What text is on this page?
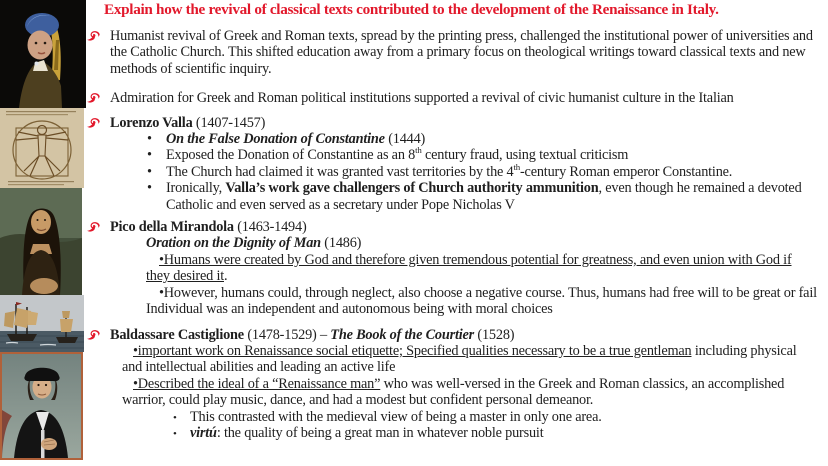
Explain how the revival of classical texts contributed to the development of the Renaissance in Italy.
Humanist revival of Greek and Roman texts, spread by the printing press, challenged the institutional power of universities and the Catholic Church. This shifted education away from a primary focus on theological writings toward classical texts and new methods of scientific inquiry.
Admiration for Greek and Roman political institutions supported a revival of civic humanist culture in the Italian
Lorenzo Valla (1407-1457)
• On the False Donation of Constantine (1444)
• Exposed the Donation of Constantine as an 8th century fraud, using textual criticism
• The Church had claimed it was granted vast territories by the 4th-century Roman emperor Constantine.
• Ironically, Valla’s work gave challengers of Church authority ammunition, even though he remained a devoted Catholic and even served as a secretary under Pope Nicholas V
Pico della Mirandola (1463-1494)
Oration on the Dignity of Man (1486)
•Humans were created by God and therefore given tremendous potential for greatness, and even union with God if they desired it.
•However, humans could, through neglect, also choose a negative course. Thus, humans had free will to be great or fail Individual was an independent and autonomous being with moral choices
Baldassare Castiglione (1478-1529) – The Book of the Courtier (1528)
•important work on Renaissance social etiquette; Specified qualities necessary to be a true gentleman including physical and intellectual abilities and leading an active life
•Described the ideal of a “Renaissance man” who was well-versed in the Greek and Roman classics, an accomplished warrior, could play music, dance, and had a modest but confident personal demeanor.
• This contrasted with the medieval view of being a master in only one area.
• virtú: the quality of being a great man in whatever noble pursuit
